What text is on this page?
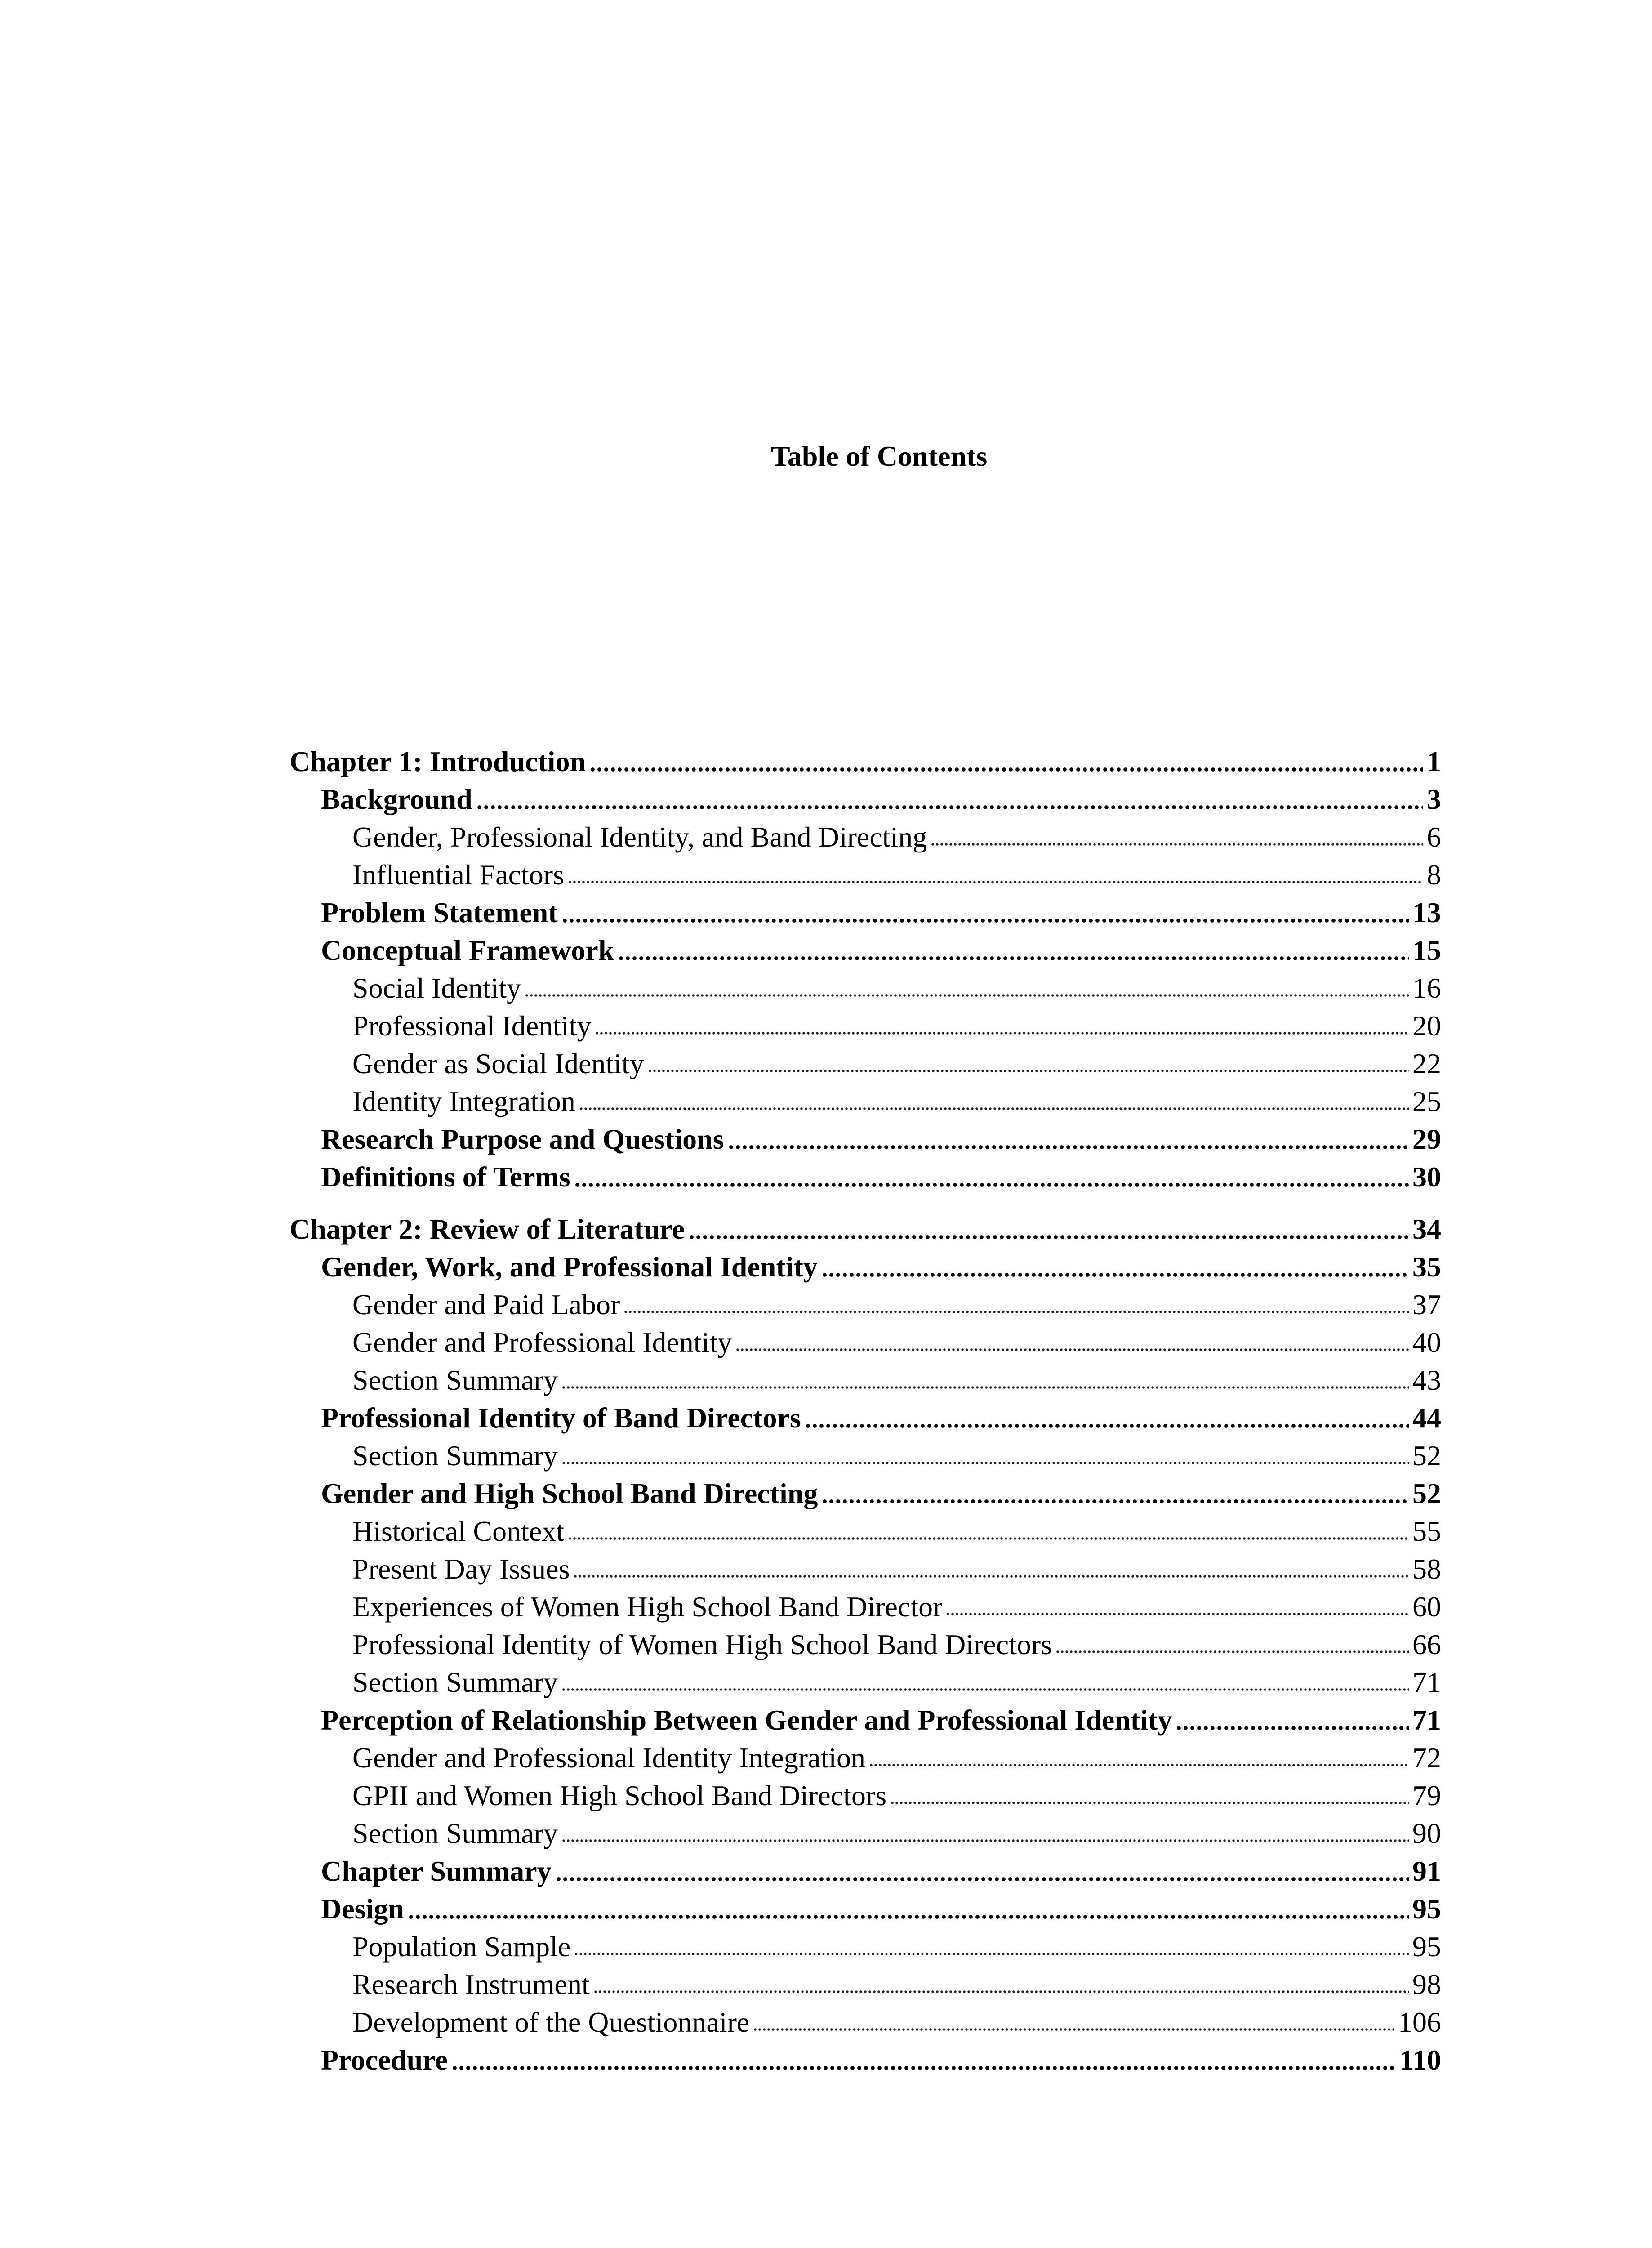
Table of Contents
Chapter 1: Introduction	1
Background	3
Gender, Professional Identity, and Band Directing	6
Influential Factors	8
Problem Statement	13
Conceptual Framework	15
Social Identity	16
Professional Identity	20
Gender as Social Identity	22
Identity Integration	25
Research Purpose and Questions	29
Definitions of Terms	30
Chapter 2: Review of Literature	34
Gender, Work, and Professional Identity	35
Gender and Paid Labor	37
Gender and Professional Identity	40
Section Summary	43
Professional Identity of Band Directors	44
Section Summary	52
Gender and High School Band Directing	52
Historical Context	55
Present Day Issues	58
Experiences of Women High School Band Director	60
Professional Identity of Women High School Band Directors	66
Section Summary	71
Perception of Relationship Between Gender and Professional Identity	71
Gender and Professional Identity Integration	72
GPII and Women High School Band Directors	79
Section Summary	90
Chapter Summary	91
Design	95
Population Sample	95
Research Instrument	98
Development of the Questionnaire	106
Procedure	110
